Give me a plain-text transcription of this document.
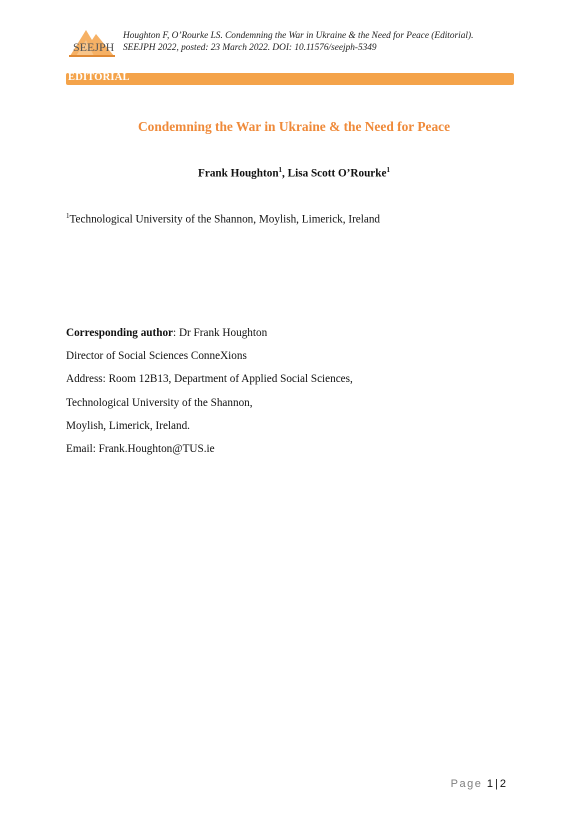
SEEJPH
Houghton F, O’Rourke LS. Condemning the War in Ukraine & the Need for Peace (Editorial).
SEEJPH 2022, posted: 23 March 2022. DOI: 10.11576/seejph-5349
EDITORIAL
Condemning the War in Ukraine & the Need for Peace
Frank Houghton$^1$, Lisa Scott O’Rourke$^1$
$^1$Technological University of the Shannon, Moylish, Limerick, Ireland
Corresponding author: Dr Frank Houghton
Director of Social Sciences ConneXions
Address: Room 12B13, Department of Applied Social Sciences,
Technological University of the Shannon,
Moylish, Limerick, Ireland.
Email: Frank.Houghton@TUS.ie
Page 1 | 2
